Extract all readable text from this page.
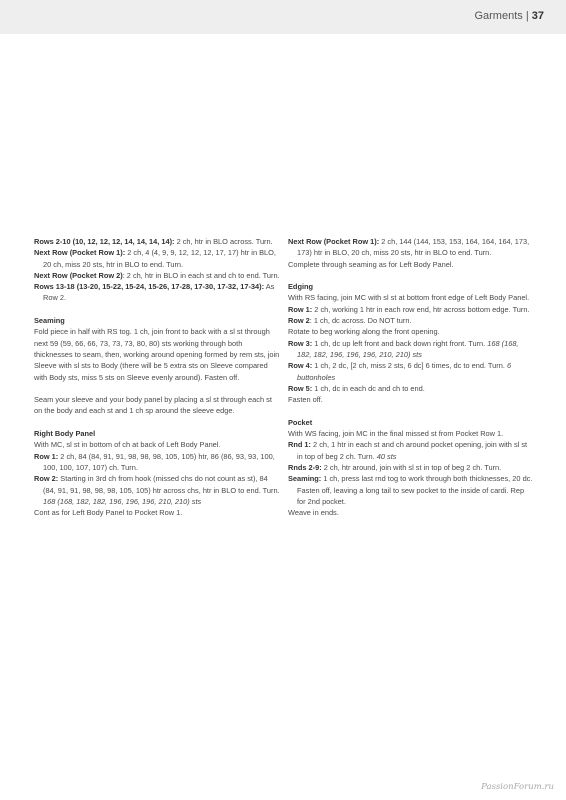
Garments | 37

Rows 2-10 (10, 12, 12, 12, 14, 14, 14, 14): 2 ch, htr in BLO across. Turn.

Next Row (Pocket Row 1): 2 ch, 4 (4, 9, 9, 12, 12, 12, 17, 17) htr in BLO, 20 ch, miss 20 sts, htr in BLO to end. Turn.

Next Row (Pocket Row 2): 2 ch, htr in BLO in each st and ch to end. Turn.

Rows 13-18 (13-20, 15-22, 15-24, 15-26, 17-28, 17-30, 17-32, 17-34): As Row 2.

Seaming

Fold piece in half with RS tog. 1 ch, join front to back with a sl st through next 59 (59, 66, 66, 73, 73, 73, 80, 80) sts working through both thicknesses to seam, then, working around opening formed by rem sts, join Sleeve with sl sts to Body (there will be 5 extra sts on Sleeve compared with Body sts, miss 5 sts on Sleeve evenly around). Fasten off.

Seam your sleeve and your body panel by placing a sl st through each st on the body and each st and 1 ch sp around the sleeve edge.

Right Body Panel

With MC, sl st in bottom of ch at back of Left Body Panel.

Row 1: 2 ch, 84 (84, 91, 91, 98, 98, 98, 105, 105) htr, 86 (86, 93, 93, 100, 100, 100, 107, 107) ch. Turn.

Row 2: Starting in 3rd ch from hook (missed chs do not count as st), 84 (84, 91, 91, 98, 98, 98, 105, 105) htr across chs, htr in BLO to end. Turn. 168 (168, 182, 182, 196, 196, 196, 210, 210) sts

Cont as for Left Body Panel to Pocket Row 1.

Next Row (Pocket Row 1): 2 ch, 144 (144, 153, 153, 164, 164, 164, 173, 173) htr in BLO, 20 ch, miss 20 sts, htr in BLO to end. Turn.

Complete through seaming as for Left Body Panel.

Edging

With RS facing, join MC with sl st at bottom front edge of Left Body Panel.

Row 1: 2 ch, working 1 htr in each row end, htr across bottom edge. Turn.

Row 2: 1 ch, dc across. Do NOT turn.

Rotate to beg working along the front opening.

Row 3: 1 ch, dc up left front and back down right front. Turn. 168 (168, 182, 182, 196, 196, 196, 210, 210) sts

Row 4: 1 ch, 2 dc, [2 ch, miss 2 sts, 6 dc] 6 times, dc to end. Turn. 6 buttonholes

Row 5: 1 ch, dc in each dc and ch to end.

Fasten off.

Pocket

With WS facing, join MC in the final missed st from Pocket Row 1.

Rnd 1: 2 ch, 1 htr in each st and ch around pocket opening, join with sl st in top of beg 2 ch. Turn. 40 sts

Rnds 2-9: 2 ch, htr around, join with sl st in top of beg 2 ch. Turn.

Seaming: 1 ch, press last rnd tog to work through both thicknesses, 20 dc. Fasten off, leaving a long tail to sew pocket to the inside of cardi. Rep for 2nd pocket.

Weave in ends.

PassionForum.ru
